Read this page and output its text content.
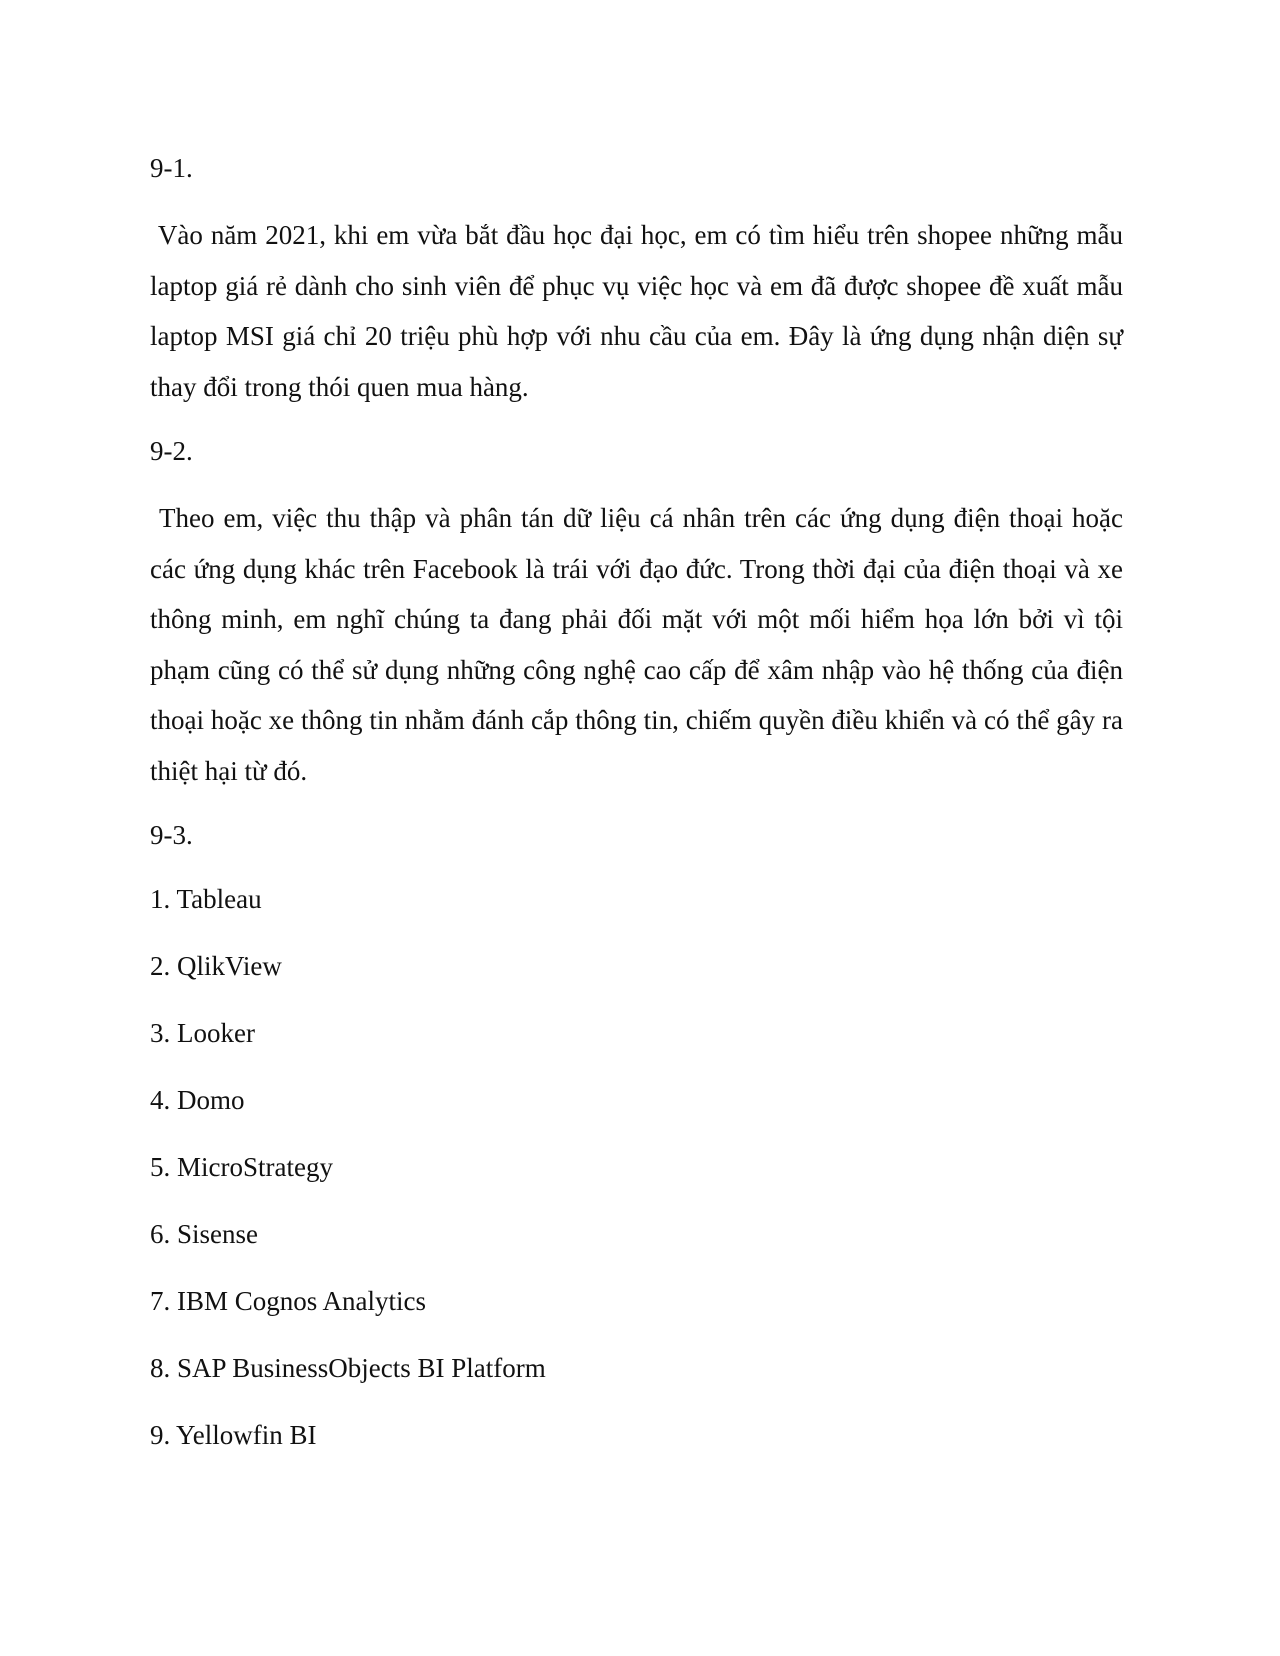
9-1.

Vào năm 2021, khi em vừa bắt đầu học đại học, em có tìm hiểu trên shopee những mẫu laptop giá rẻ dành cho sinh viên để phục vụ việc học và em đã được shopee đề xuất mẫu laptop MSI giá chỉ 20 triệu phù hợp với nhu cầu của em. Đây là ứng dụng nhận diện sự thay đổi trong thói quen mua hàng.

9-2.

Theo em, việc thu thập và phân tán dữ liệu cá nhân trên các ứng dụng điện thoại hoặc các ứng dụng khác trên Facebook là trái với đạo đức. Trong thời đại của điện thoại và xe thông minh, em nghĩ chúng ta đang phải đối mặt với một mối hiểm họa lớn bởi vì tội phạm cũng có thể sử dụng những công nghệ cao cấp để xâm nhập vào hệ thống của điện thoại hoặc xe thông tin nhằm đánh cắp thông tin, chiếm quyền điều khiển và có thể gây ra thiệt hại từ đó.

9-3.

1. Tableau
2. QlikView
3. Looker
4. Domo
5. MicroStrategy
6. Sisense
7. IBM Cognos Analytics
8. SAP BusinessObjects BI Platform
9. Yellowfin BI
